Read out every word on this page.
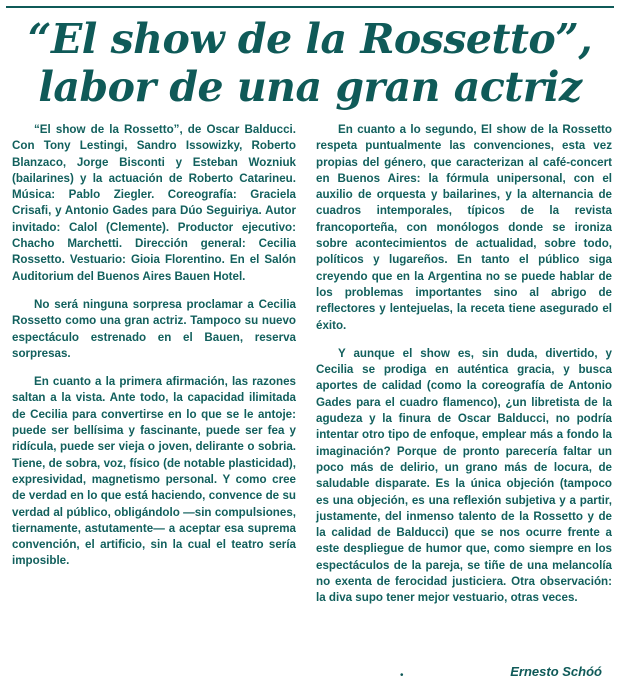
“El show de la Rossetto”,
labor de una gran actriz

“El show de la Rossetto”, de Oscar Balducci. Con Tony Lestingi, Sandro Issowizky, Roberto Blanzaco, Jorge Bisconti y Esteban Wozniuk (bailarines) y la actuación de Roberto Catarineu. Música: Pablo Ziegler. Coreografía: Graciela Crisafi, y Antonio Gades para Dúo Seguiriya. Autor invitado: Calol (Clemente). Productor ejecutivo: Chacho Marchetti. Dirección general: Cecilia Rossetto. Vestuario: Gioia Florentino. En el Salón Auditorium del Buenos Aires Bauen Hotel.

No será ninguna sorpresa proclamar a Cecilia Rossetto como una gran actriz. Tampoco su nuevo espectáculo estrenado en el Bauen, reserva sorpresas.

En cuanto a la primera afirmación, las razones saltan a la vista. Ante todo, la capacidad ilimitada de Cecilia para convertirse en lo que se le antoje: puede ser bellísima y fascinante, puede ser fea y ridícula, puede ser vieja o joven, delirante o sobria. Tiene, de sobra, voz, físico (de notable plasticidad), expresividad, magnetismo personal. Y como cree de verdad en lo que está haciendo, convence de su verdad al público, obligándolo —sin compulsiones, tiernamente, astutamente— a aceptar esa suprema convención, el artificio, sin la cual el teatro sería imposible.

En cuanto a lo segundo, El show de la Rossetto respeta puntualmente las convenciones, esta vez propias del género, que caracterizan al café-concert en Buenos Aires: la fórmula unipersonal, con el auxilio de orquesta y bailarines, y la alternancia de cuadros intemporales, típicos de la revista francoporteña, con monólogos donde se ironiza sobre acontecimientos de actualidad, sobre todo, políticos y lugareños. En tanto el público siga creyendo que en la Argentina no se puede hablar de los problemas importantes sino al abrigo de reflectores y lentejuelas, la receta tiene asegurado el éxito.

Y aunque el show es, sin duda, divertido, y Cecilia se prodiga en auténtica gracia, y busca aportes de calidad (como la coreografía de Antonio Gades para el cuadro flamenco), ¿un libretista de la agudeza y la finura de Oscar Balducci, no podría intentar otro tipo de enfoque, emplear más a fondo la imaginación? Porque de pronto parecería faltar un poco más de delirio, un grano más de locura, de saludable disparate. Es la única objeción (tampoco es una objeción, es una reflexión subjetiva y a partir, justamente, del inmenso talento de la Rossetto y de la calidad de Balducci) que se nos ocurre frente a este despliegue de humor que, como siempre en los espectáculos de la pareja, se tiñe de una melancolía no exenta de ferocidad justiciera. Otra observación: la diva supo tener mejor vestuario, otras veces.

•	Ernesto Schóó
